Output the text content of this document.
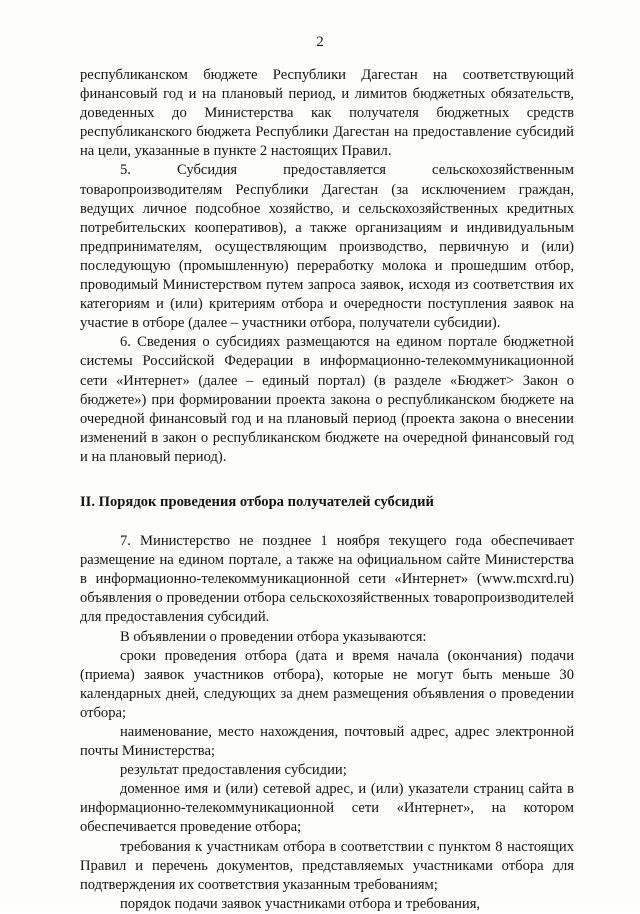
2

республиканском бюджете Республики Дагестан на соответствующий финансовый год и на плановый период, и лимитов бюджетных обязательств, доведенных до Министерства как получателя бюджетных средств республиканского бюджета Республики Дагестан на предоставление субсидий на цели, указанные в пункте 2 настоящих Правил.

5. Субсидия предоставляется сельскохозяйственным товаропроизводителям Республики Дагестан (за исключением граждан, ведущих личное подсобное хозяйство, и сельскохозяйственных кредитных потребительских кооперативов), а также организациям и индивидуальным предпринимателям, осуществляющим производство, первичную и (или) последующую (промышленную) переработку молока и прошедшим отбор, проводимый Министерством путем запроса заявок, исходя из соответствия их категориям и (или) критериям отбора и очередности поступления заявок на участие в отборе (далее – участники отбора, получатели субсидии).

6. Сведения о субсидиях размещаются на едином портале бюджетной системы Российской Федерации в информационно-телекоммуникационной сети «Интернет» (далее – единый портал) (в разделе «Бюджет> Закон о бюджете») при формировании проекта закона о республиканском бюджете на очередной финансовый год и на плановый период (проекта закона о внесении изменений в закон о республиканском бюджете на очередной финансовый год и на плановый период).

II. Порядок проведения отбора получателей субсидий

7. Министерство не позднее 1 ноября текущего года обеспечивает размещение на едином портале, а также на официальном сайте Министерства в информационно-телекоммуникационной сети «Интернет» (www.mcxrd.ru) объявления о проведении отбора сельскохозяйственных товаропроизводителей для предоставления субсидий.

В объявлении о проведении отбора указываются:

сроки проведения отбора (дата и время начала (окончания) подачи (приема) заявок участников отбора), которые не могут быть меньше 30 календарных дней, следующих за днем размещения объявления о проведении отбора;

наименование, место нахождения, почтовый адрес, адрес электронной почты Министерства;

результат предоставления субсидии;

доменное имя и (или) сетевой адрес, и (или) указатели страниц сайта в информационно-телекоммуникационной сети «Интернет», на котором обеспечивается проведение отбора;

требования к участникам отбора в соответствии с пунктом 8 настоящих Правил и перечень документов, представляемых участниками отбора для подтверждения их соответствия указанным требованиям;

порядок подачи заявок участниками отбора и требования,
